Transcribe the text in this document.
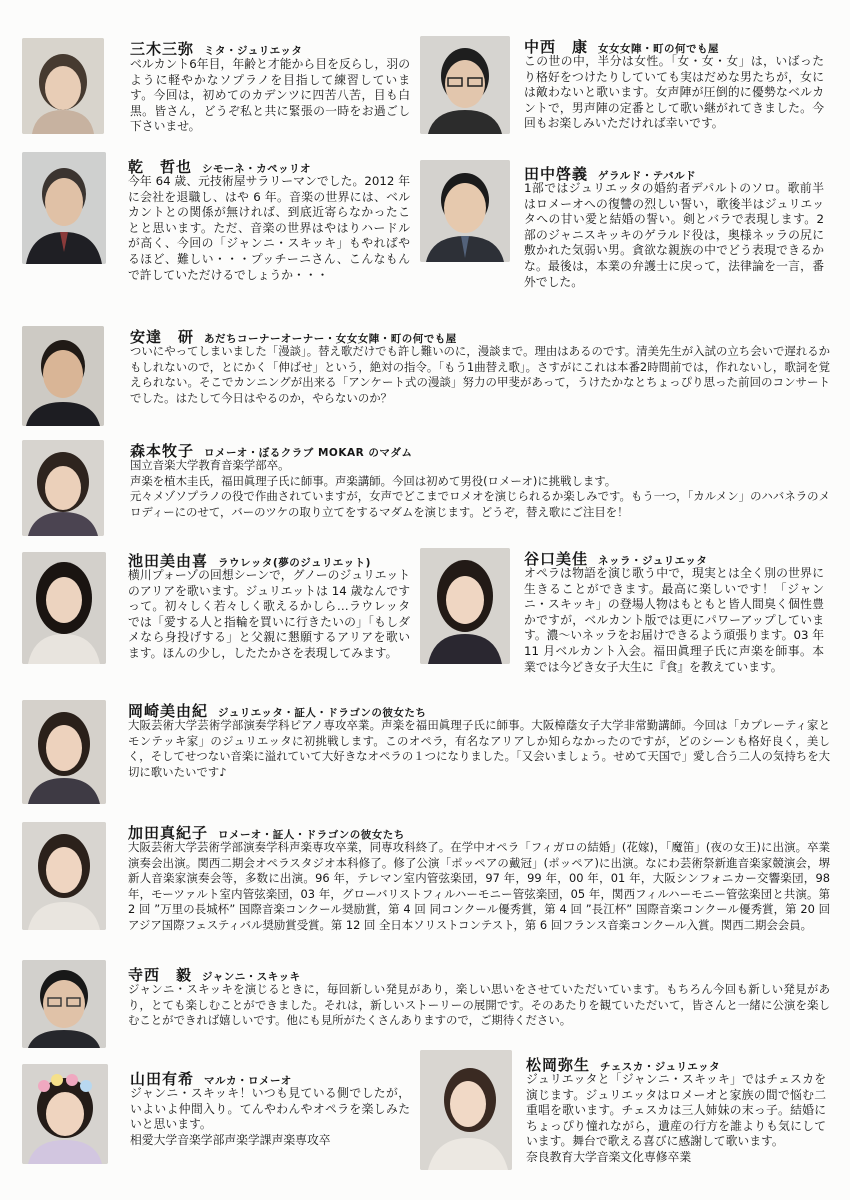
三木三弥 ミタ・ジュリエッタ

ベルカント6年目，年齢と才能から目を反らし，羽のように軽やかなソプラノを目指して練習しています。今回は，初めてのカデンツに四苦八苦，目も白黒。皆さん，どうぞ私と共に緊張の一時をお過ごし下さいませ。

中西　康 女女女陣・町の何でも屋

この世の中，半分は女性。「女・女・女」は，いばったり格好をつけたりしていても実はだめな男たちが，女には敵わないと歌います。女声陣が圧倒的に優勢なベルカントで，男声陣の定番として歌い継がれてきました。今回もお楽しみいただければ幸いです。

乾　哲也 シモーネ・カペッリオ

今年 64 歳、元技術屋サラリーマンでした。2012 年に会社を退職し、はや 6 年。音楽の世界には、ベルカントとの関係が無ければ、到底近寄らなかったことと思います。ただ、音楽の世界はやはりハードルが高く、今回の「ジャンニ・スキッキ」もやればやるほど、難しい・・・プッチーニさん、こんなもんで許していただけるでしょうか・・・

田中啓義 ゲラルド・テバルド

1部ではジュリエッタの婚約者デパルトのソロ。歌前半はロメーオへの復讐の烈しい誓い，歌後半はジュリエッタへの甘い愛と結婚の誓い。剣とバラで表現します。2部のジャニスキッキのゲラルド役は，奥様ネッラの尻に敷かれた気弱い男。貪欲な親族の中でどう表現できるかな。最後は，本業の弁護士に戻って，法律論を一言，番外でした。

安達　研 あだちコーナーオーナー・女女女陣・町の何でも屋

ついにやってしまいました「漫談」。替え歌だけでも許し難いのに，漫談まで。理由はあるのです。清美先生が入試の立ち会いで遅れるかもしれないので，とにかく「伸ばせ」という，絶対の指令。「もう1曲替え歌」。さすがにこれは本番2時間前では，作れないし，歌詞を覚えられない。そこでカンニングが出来る「アンケート式の漫談」努力の甲斐があって，うけたかなとちょっぴり思った前回のコンサートでした。はたして今日はやるのか，やらないのか？

森本牧子 ロメーオ・ぼるクラブ MOKAR のマダム

国立音楽大学教育音楽学部卒。
声楽を植木圭氏，福田眞理子氏に師事。声楽講師。今回は初めて男役(ロメーオ)に挑戦します。
元々メゾソプラノの役で作曲されていますが，女声でどこまでロメオを演じられるか楽しみです。もう一つ，「カルメン」のハバネラのメロディーにのせて，バーのツケの取り立てをするマダムを演じます。どうぞ，替え歌にご注目を！

池田美由喜 ラウレッタ(夢のジュリエット)

横川プォーゾの回想シーンで，グノーのジュリエットのアリアを歌います。ジュリエットは 14 歳なんですって。初々しく若々しく歌えるかしら…ラウレッタでは「愛する人と指輪を買いに行きたいの」「もしダメなら身投げする」と父親に懇願するアリアを歌います。ほんの少し，したたかさを表現してみます。

谷口美佳 ネッラ・ジュリエッタ

オペラは物語を演じ歌う中で，現実とは全く別の世界に生きることができます。最高に楽しいです！「ジャンニ・スキッキ」の登場人物はもともと皆人間臭く個性豊かですが，ベルカント版では更にパワーアップしています。濃～いネッラをお届けできるよう頑張ります。03 年 11 月ベルカント入会。福田眞理子氏に声楽を師事。本業では今どき女子大生に『食』を教えています。

岡崎美由紀 ジュリエッタ・証人・ドラゴンの彼女たち

大阪芸術大学芸術学部演奏学科ピアノ専攻卒業。声楽を福田眞理子氏に師事。大阪樟蔭女子大学非常勤講師。今回は「カプレーティ家とモンテッキ家」のジュリエッタに初挑戦します。このオペラ，有名なアリアしか知らなかったのですが，どのシーンも格好良く，美しく，そしてせつない音楽に溢れていて大好きなオペラの１つになりました。「又会いましょう。せめて天国で」愛し合う二人の気持ちを大切に歌いたいです♪

加田真紀子 ロメーオ・証人・ドラゴンの彼女たち

大阪芸術大学芸術学部演奏学科声楽専攻卒業，同専攻科終了。在学中オペラ「フィガロの結婚」(花嫁)，「魔笛」(夜の女王)に出演。卒業演奏会出演。関西二期会オペラスタジオ本科修了。修了公演「ポッペアの戴冠」(ポッペア)に出演。なにわ芸術祭新進音楽家競演会，堺新人音楽家演奏会等，多数に出演。96 年，テレマン室内管弦楽団，97 年，99 年，00 年，01 年，大阪シンフォニカー交響楽団，98 年，モーツァルト室内管弦楽団，03 年，グローバリストフィルハーモニー管弦楽団，05 年，関西フィルハーモニー管弦楽団と共演。第 2 回 ”万里の長城杯” 国際音楽コンクール奨励賞，第 4 回 同コンクール優秀賞，第 4 回 ”長江杯” 国際音楽コンクール優秀賞，第 20 回アジア国際フェスティバル奨励賞受賞。第 12 回 全日本ソリストコンテスト，第 6 回フランス音楽コンクール入賞。関西二期会会員。

寺西　毅 ジャンニ・スキッキ

ジャンニ・スキッキを演じるときに，毎回新しい発見があり，楽しい思いをさせていただいています。もちろん今回も新しい発見があり，とても楽しむことができました。それは，新しいストーリーの展開です。そのあたりを観ていただいて，皆さんと一緒に公演を楽しむことができれば嬉しいです。他にも見所がたくさんありますので，ご期待ください。

山田有希 マルカ・ロメーオ

ジャンニ・スキッキ！いつも見ている側でしたが，いよいよ仲間入り。てんやわんやオペラを楽しみたいと思います。
相愛大学音楽学部声楽学課声楽専攻卒

松岡弥生 チェスカ・ジュリエッタ

ジュリエッタと「ジャンニ・スキッキ」ではチェスカを演じます。ジュリエッタはロメーオと家族の間で悩む二重唱を歌います。チェスカは三人姉妹の末っ子。結婚にちょっぴり憧れながら，遺産の行方を誰よりも気にしています。舞台で歌える喜びに感謝して歌います。
奈良教育大学音楽文化専修卒業
